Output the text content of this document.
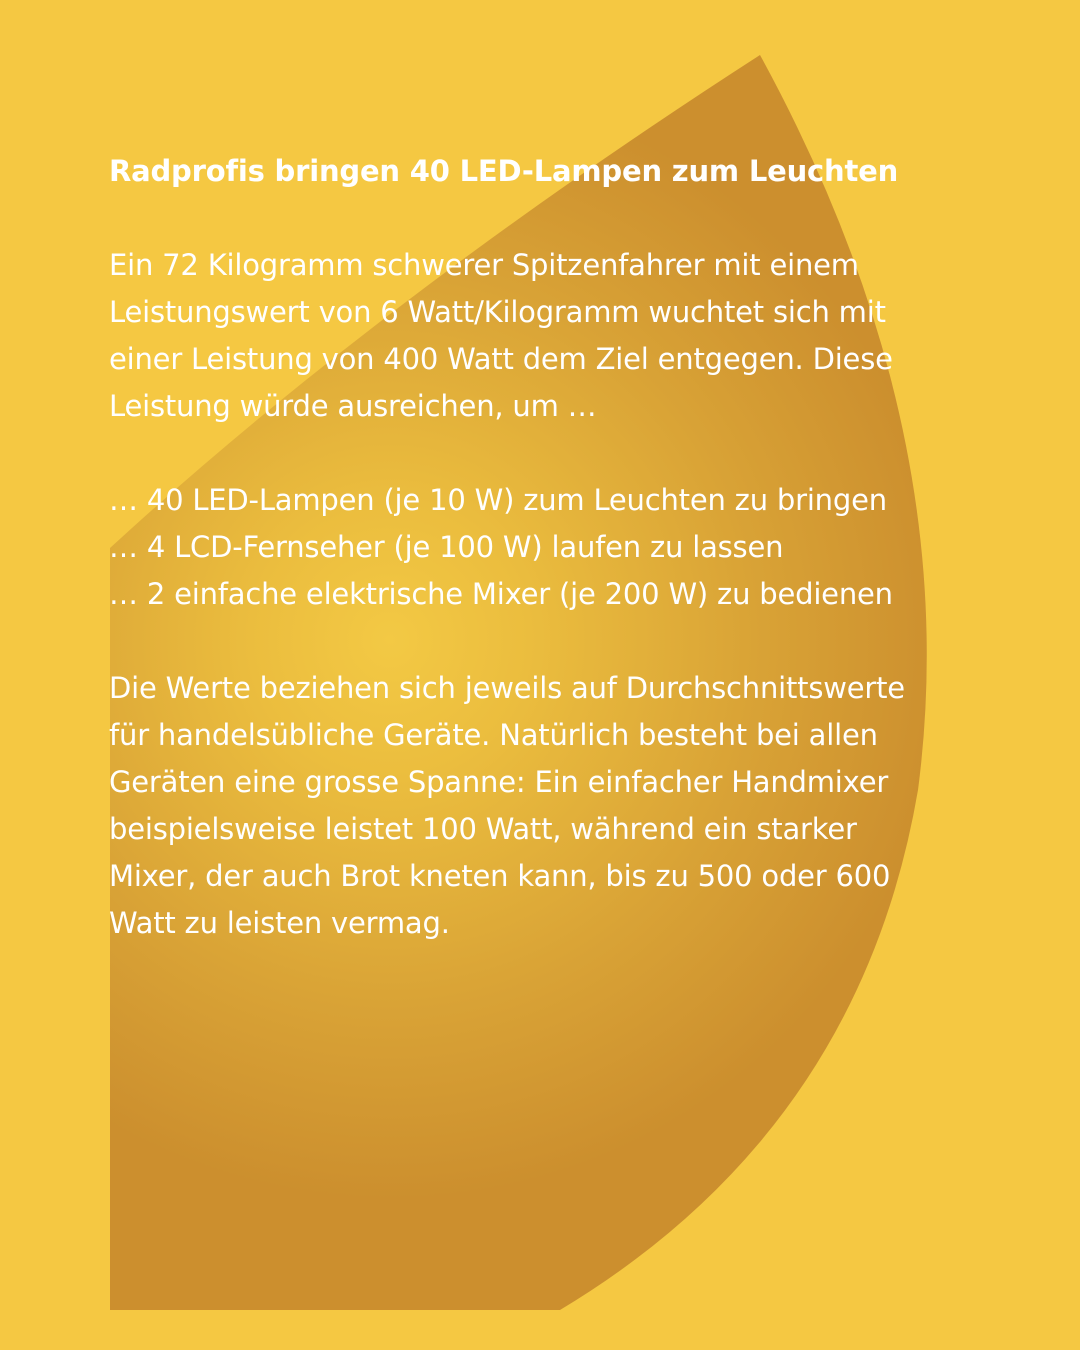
Radprofis bringen 40 LED-Lampen zum Leuchten

Ein 72 Kilogramm schwerer Spitzenfahrer mit einem Leistungswert von 6 Watt/Kilogramm wuchtet sich mit einer Leistung von 400 Watt dem Ziel entgegen. Diese Leistung würde ausreichen, um …

… 40 LED-Lampen (je 10 W) zum Leuchten zu bringen
… 4 LCD-Fernseher (je 100 W) laufen zu lassen
… 2 einfache elektrische Mixer (je 200 W) zu bedienen

Die Werte beziehen sich jeweils auf Durchschnittswerte für handelsübliche Geräte. Natürlich besteht bei allen Geräten eine grosse Spanne: Ein einfacher Handmixer beispielsweise leistet 100 Watt, während ein starker Mixer, der auch Brot kneten kann, bis zu 500 oder 600 Watt zu leisten vermag.
